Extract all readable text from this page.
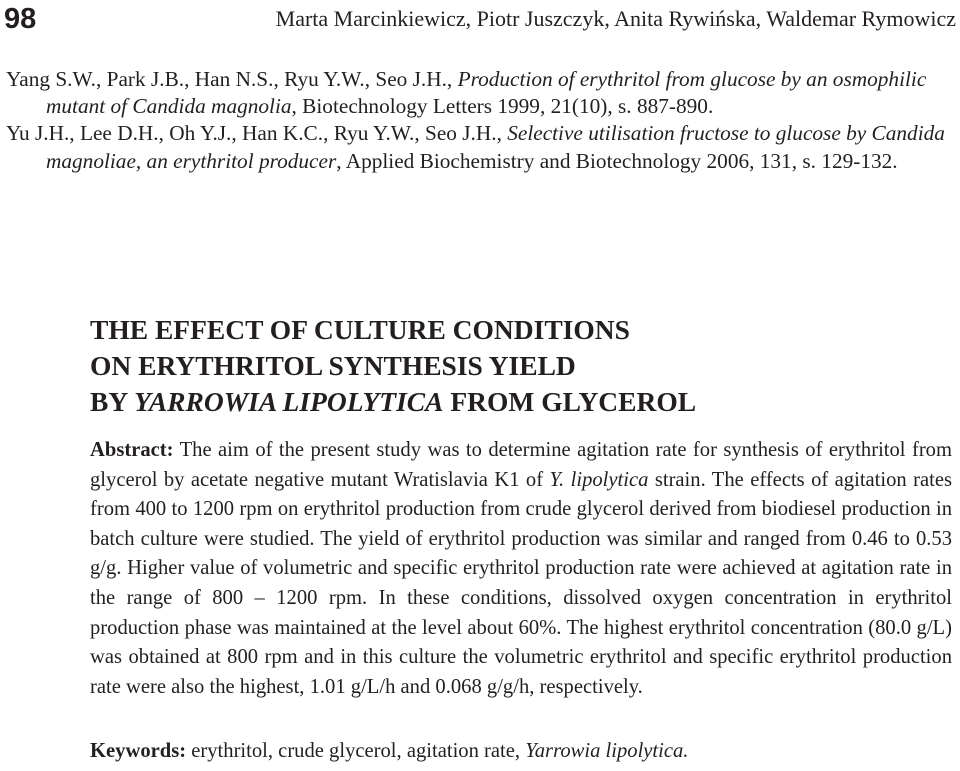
98	Marta Marcinkiewicz, Piotr Juszczyk, Anita Rywińska, Waldemar Rymowicz

Yang S.W., Park J.B., Han N.S., Ryu Y.W., Seo J.H., Production of erythritol from glucose by an osmophilic mutant of Candida magnolia, Biotechnology Letters 1999, 21(10), s. 887-890.

Yu J.H., Lee D.H., Oh Y.J., Han K.C., Ryu Y.W., Seo J.H., Selective utilisation fructose to glucose by Candida magnoliae, an erythritol producer, Applied Biochemistry and Biotechnology 2006, 131, s. 129-132.

THE EFFECT OF CULTURE CONDITIONS
ON ERYTHRITOL SYNTHESIS YIELD
BY YARROWIA LIPOLYTICA FROM GLYCEROL

Abstract: The aim of the present study was to determine agitation rate for synthesis of erythritol from glycerol by acetate negative mutant Wratislavia K1 of Y. lipolytica strain. The effects of agitation rates from 400 to 1200 rpm on erythritol production from crude glycerol derived from biodiesel production in batch culture were studied. The yield of erythritol production was similar and ranged from 0.46 to 0.53 g/g. Higher value of volumetric and specific erythritol production rate were achieved at agitation rate in the range of 800 – 1200 rpm. In these conditions, dissolved oxygen concentration in erythritol production phase was maintained at the level about 60%. The highest erythritol concentration (80.0 g/L) was obtained at 800 rpm and in this culture the volumetric erythritol and specific erythritol production rate were also the highest, 1.01 g/L/h and 0.068 g/g/h, respectively.

Keywords: erythritol, crude glycerol, agitation rate, Yarrowia lipolytica.
